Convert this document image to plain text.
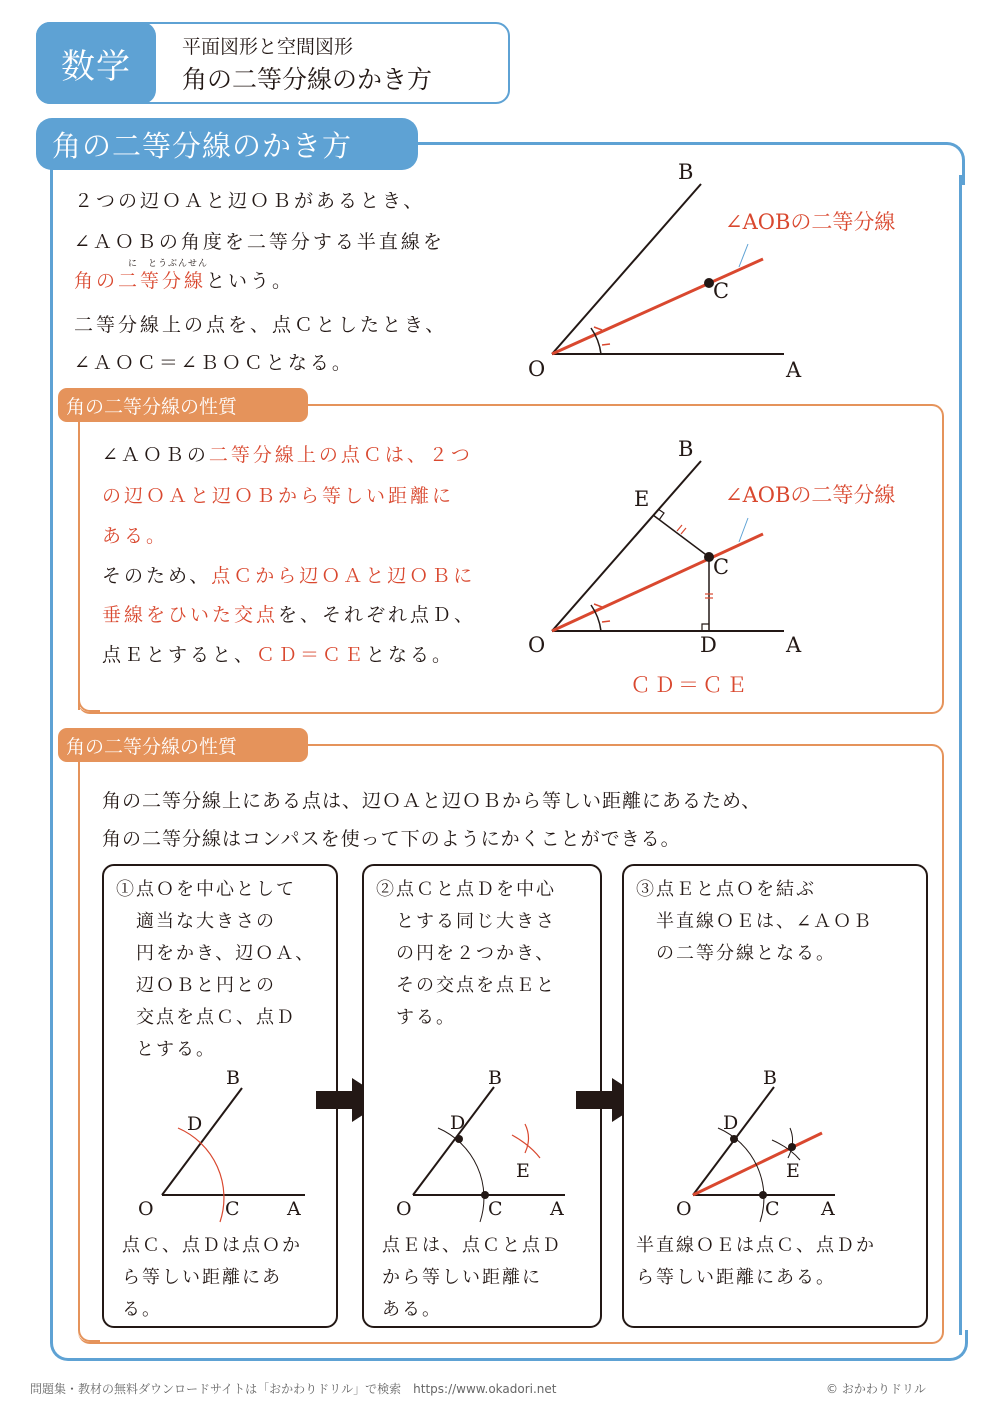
数学	平面図形と空間図形
角の二等分線のかき方
角の二等分線のかき方
２つの辺ＯＡと辺ＯＢがあるとき、
∠ＡＯＢの角度を二等分する半直線を
に　とうぶんせん
角の二等分線という。
二等分線上の点を、点Ｃとしたとき、
∠ＡＯＣ＝∠ＢＯＣとなる。
B
C
O	A
∠AOBの二等分線
角の二等分線の性質
∠ＡＯＢの二等分線上の点Ｃは、２つ
の辺ＯＡと辺ＯＢから等しい距離に
ある。
そのため、点Ｃから辺ＯＡと辺ＯＢに
垂線をひいた交点を、それぞれ点Ｄ、
点Ｅとすると、ＣＤ＝ＣＥとなる。
B
E
C
D
O	A
∠AOBの二等分線
ＣＤ＝ＣＥ
角の二等分線の性質
角の二等分線上にある点は、辺ＯＡと辺ＯＢから等しい距離にあるため、
角の二等分線はコンパスを使って下のようにかくことができる。
①点Ｏを中心として
適当な大きさの
円をかき、辺ＯＡ、
辺ＯＢと円との
交点を点Ｃ、点Ｄ
とする。
B
D
O	C A
点Ｃ、点Ｄは点Ｏか
ら等しい距離にあ
る。
②点Ｃと点Ｄを中心
とする同じ大きさ
の円を２つかき、
その交点を点Ｅと
する。
B
D
E
O	C A
点Ｅは、点Ｃと点Ｄ
から等しい距離に
ある。
③点Ｅと点Ｏを結ぶ
半直線ＯＥは、∠ＡＯＢ
の二等分線となる。
B
D
E
O	C A
半直線ＯＥは点Ｃ、点Ｄか
ら等しい距離にある。
問題集・教材の無料ダウンロードサイトは「おかわりドリル」で検索　https://www.okadori.net	© おかわりドリル
